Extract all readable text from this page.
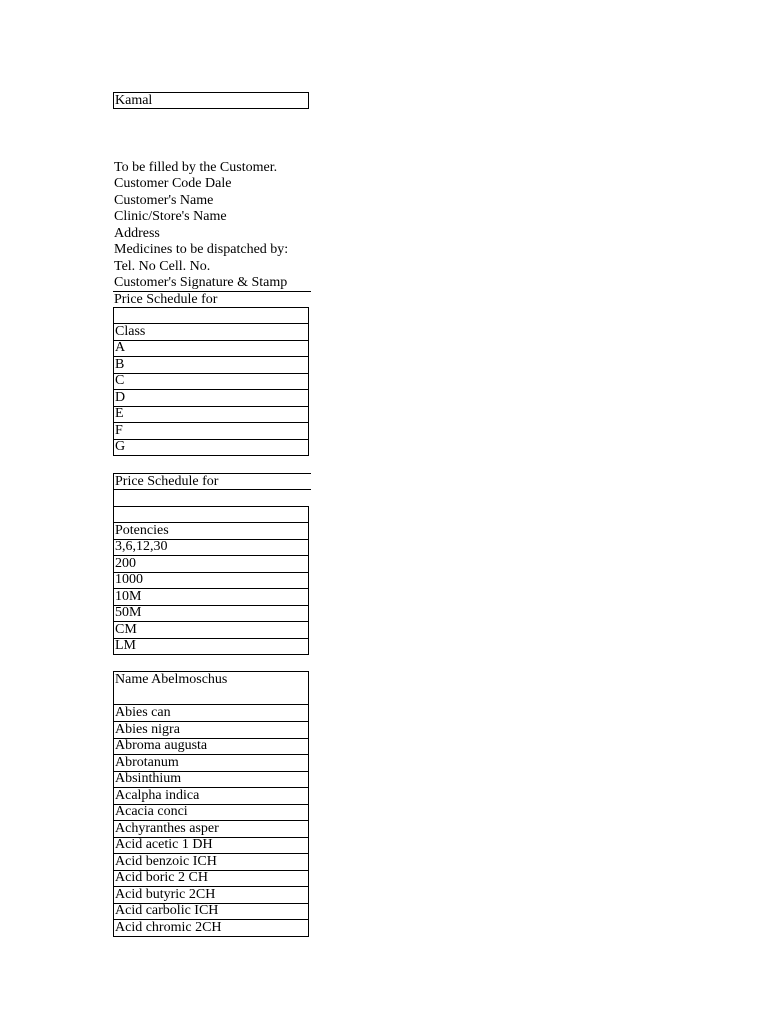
Kamal
To be filled by the Customer.
Customer Code Dale
Customer's Name
Clinic/Store's Name
Address
Medicines to be dispatched by:
Tel. No Cell. No.
Customer's Signature & Stamp
Price Schedule for
Class
A
B
C
D
E
F
G
Price Schedule for
Potencies
3,6,12,30
200
1000
10M
50M
CM
LM
Name Abelmoschus
Abies can
Abies nigra
Abroma augusta
Abrotanum
Absinthium
Acalpha indica
Acacia conci
Achyranthes asper
Acid acetic 1 DH
Acid benzoic ICH
Acid boric 2 CH
Acid butyric 2CH
Acid carbolic ICH
Acid chromic 2CH
